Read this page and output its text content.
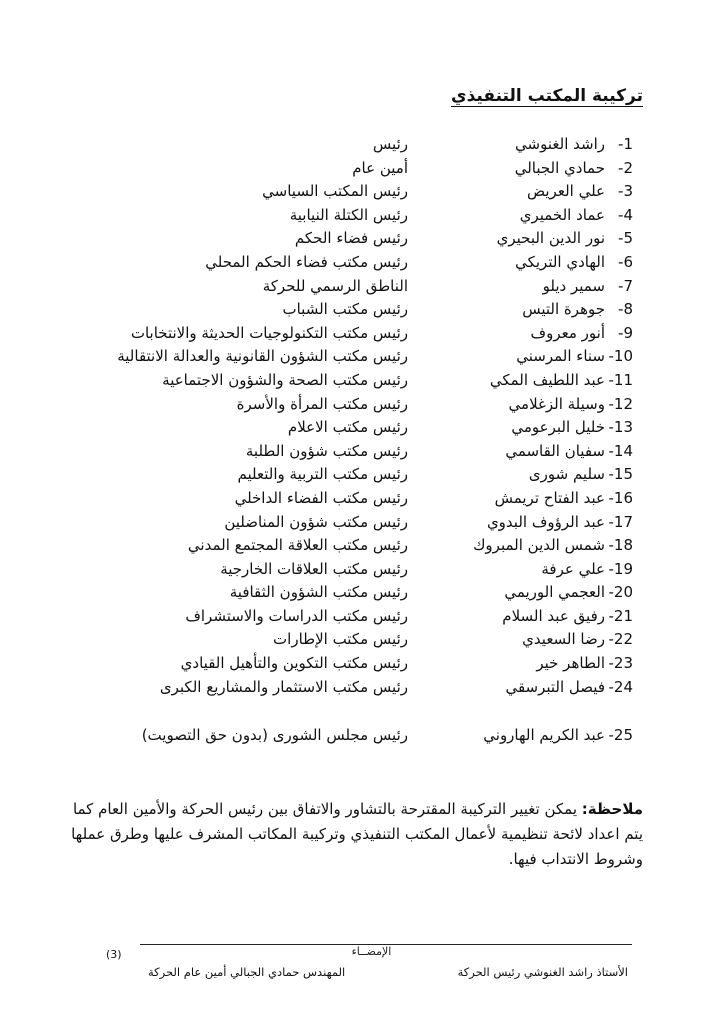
تركيبة المكتب التنفيذي
1-
راشد الغنوشي
رئيس
2-
حمادي الجبالي
أمين عام
3-
علي العريض
رئيس المكتب السياسي
4-
عماد الخميري
رئيس الكتلة النيابية
5-
نور الدين البحيري
رئيس فضاء الحكم
6-
الهادي التريكي
رئيس مكتب فضاء الحكم المحلي
7-
سمير ديلو
الناطق الرسمي للحركة
8-
جوهرة التيس
رئيس مكتب الشباب
9-
أنور معروف
رئيس مكتب التكنولوجيات الحديثة والانتخابات
10-
سناء المرسني
رئيس مكتب الشؤون القانونية والعدالة الانتقالية
11-
عبد اللطيف المكي
رئيس مكتب الصحة والشؤون الاجتماعية
12-
وسيلة الزغلامي
رئيس مكتب المرأة والأسرة
13-
خليل البرعومي
رئيس مكتب الاعلام
14-
سفيان القاسمي
رئيس مكتب شؤون الطلبة
15-
سليم شورى
رئيس مكتب التربية والتعليم
16-
عبد الفتاح تريمش
رئيس مكتب الفضاء الداخلي
17-
عبد الرؤوف البدوي
رئيس مكتب شؤون المناضلين
18-
شمس الدين المبروك
رئيس مكتب العلاقة المجتمع المدني
19-
علي عرفة
رئيس مكتب العلاقات الخارجية
20-
العجمي الوريمي
رئيس مكتب الشؤون الثقافية
21-
رفيق عبد السلام
رئيس مكتب الدراسات والاستشراف
22-
رضا السعيدي
رئيس مكتب الإطارات
23-
الطاهر خير
رئيس مكتب التكوين والتأهيل القيادي
24-
فيصل التبرسقي
رئيس مكتب الاستثمار والمشاريع الكبرى
25-
عبد الكريم الهاروني
رئيس مجلس الشورى (بدون حق التصويت)
ملاحظة: يمكن تغيير التركيبة المقترحة بالتشاور والاتفاق بين رئيس الحركة والأمين العام كما يتم اعداد لائحة تنظيمية لأعمال المكتب التنفيذي وتركيبة المكاتب المشرف عليها وطرق عملها وشروط الانتداب فيها.
الإمضــاء
(3)
الأستاذ راشد الغنوشي رئيس الحركة
المهندس حمادي الجبالي أمين عام الحركة
